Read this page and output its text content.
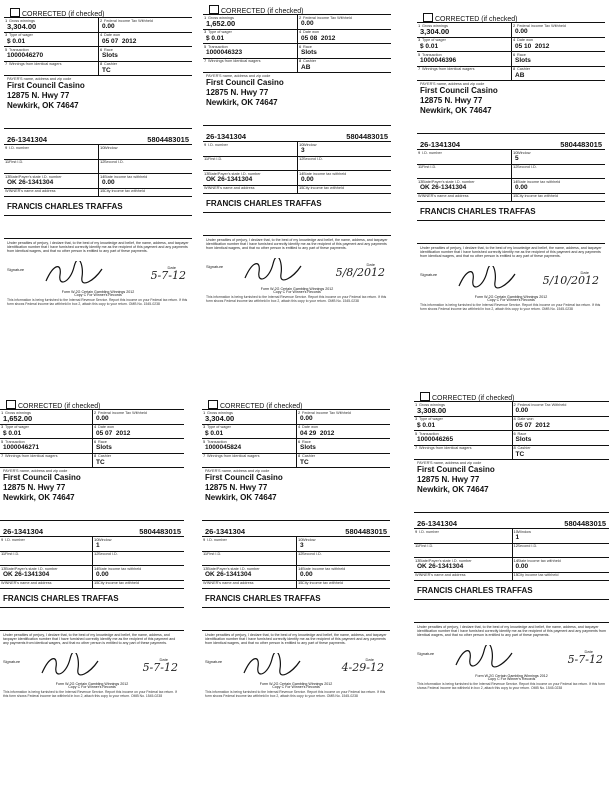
CORRECTED (if checked)
1 Gross winnings
3,304.00
2 Federal income Tax Withheld
0.00
3 Type of wager
$ 0.01
4 Date won
05 07 2012
5 Transaction
1000046270
6 Race
Slots
7 Winnings from identical wagers	8 Cashier
TC
PAYER'S name, address and zip code
First Council Casino
12875 N. Hwy 77
Newkirk, OK 74647
26-1341304	5804483015
9 I.D. number	10 Window
11 First I.D.	12 Second I.D.
13 State/Payer's state I.D. number
OK 26-1341304
14 State income tax withheld
0.00
WINNER's name and address	15 City income tax withheld
FRANCIS CHARLES TRAFFAS
Under penalties of perjury, I declare that, to the best of my knowledge and belief, the name, address, and taxpayer identification number that I have furnished correctly identify me as the recipient of this payment and any payments from identical wagers, and that no other person is entitled to any part of these payments.
Signature	Date
5-7-12
Form W-2G Certain Gambling Winnings 2012
Copy C For Winner's Records
This information is being furnished to the Internal Revenue Service. Report this income on your Federal tax return. If this form shows Federal income tax withheld in box 2, attach this copy to your return. OMB No. 1545-0238
CORRECTED (if checked)
1 Gross winnings
1,652.00
2 Federal income Tax Withheld
0.00
3 Type of wager
$ 0.01
4 Date won
05 08 2012
5 Transaction
1000046323
6 Race
Slots
7 Winnings from identical wagers	8 Cashier
AB
PAYER'S name, address and zip code
First Council Casino
12875 N. Hwy 77
Newkirk, OK 74647
26-1341304	5804483015
9 I.D. number	10 Window
3
11 First I.D.	12 Second I.D.
13 State/Payer's state I.D. number
OK 26-1341304
14 State income tax withheld
0.00
WINNER's name and address	15 City income tax withheld
FRANCIS CHARLES TRAFFAS
Under penalties of perjury, I declare that, to the best of my knowledge and belief, the name, address, and taxpayer identification number that I have furnished correctly identify me as the recipient of this payment and any payments from identical wagers, and that no other person is entitled to any part of these payments.
Signature	Date
5/8/2012
Form W-2G Certain Gambling Winnings 2012
Copy C For Winner's Records
This information is being furnished to the Internal Revenue Service. Report this income on your Federal tax return. If this form shows Federal income tax withheld in box 2, attach this copy to your return. OMB No. 1545-0238
CORRECTED (if checked)
1 Gross winnings
3,304.00
2 Federal income Tax Withheld
0.00
3 Type of wager
$ 0.01
4 Date won
05 10 2012
5 Transaction
1000046396
6 Race
Slots
7 Winnings from identical wagers	8 Cashier
AB
PAYER'S name, address and zip code
First Council Casino
12875 N. Hwy 77
Newkirk, OK 74647
26-1341304	5804483015
9 I.D. number	10 Window
5
11 First I.D.	12 Second I.D.
13 State/Payer's state I.D. number
OK 26-1341304
14 State income tax withheld
0.00
WINNER's name and address	15 City income tax withheld
FRANCIS CHARLES TRAFFAS
Under penalties of perjury, I declare that, to the best of my knowledge and belief, the name, address, and taxpayer identification number that I have furnished correctly identify me as the recipient of this payment and any payments from identical wagers, and that no other person is entitled to any part of these payments.
Signature	Date
5/10/2012
Form W-2G Certain Gambling Winnings 2012
Copy C For Winner's Records
This information is being furnished to the Internal Revenue Service. Report this income on your Federal tax return. If this form shows Federal income tax withheld in box 2, attach this copy to your return. OMB No. 1545-0238
CORRECTED (if checked)
1 Gross winnings
1,652.00
2 Federal income Tax Withheld
0.00
3 Type of wager
$ 0.01
4 Date won
05 07 2012
5 Transaction
1000046271
6 Race
Slots
7 Winnings from identical wagers	8 Cashier
TC
PAYER'S name, address and zip code
First Council Casino
12875 N. Hwy 77
Newkirk, OK 74647
26-1341304	5804483015
9 I.D. number	10 Window
1
11 First I.D.	12 Second I.D.
13 State/Payer's state I.D. number
OK 26-1341304
14 State income tax withheld
0.00
WINNER's name and address	15 City income tax withheld
FRANCIS CHARLES TRAFFAS
Under penalties of perjury, I declare that, to the best of my knowledge and belief, the name, address, and taxpayer identification number that I have furnished correctly identify me as the recipient of this payment and any payments from identical wagers, and that no other person is entitled to any part of these payments.
Signature	Date
5-7-12
Form W-2G Certain Gambling Winnings 2012
Copy C For Winner's Records
This information is being furnished to the Internal Revenue Service. Report this income on your Federal tax return. If this form shows Federal income tax withheld in box 2, attach this copy to your return. OMB No. 1545-0238
CORRECTED (if checked)
1 Gross winnings
3,304.00
2 Federal income Tax Withheld
0.00
3 Type of wager
$ 0.01
4 Date won
04 29 2012
5 Transaction
1000045824
6 Race
Slots
7 Winnings from identical wagers	8 Cashier
TC
PAYER'S name, address and zip code
First Council Casino
12875 N. Hwy 77
Newkirk, OK 74647
26-1341304	5804483015
9 I.D. number	10 Window
3
11 First I.D.	12 Second I.D.
13 State/Payer's state I.D. number
OK 26-1341304
14 State income tax withheld
0.00
WINNER's name and address	15 City income tax withheld
FRANCIS CHARLES TRAFFAS
Under penalties of perjury, I declare that, to the best of my knowledge and belief, the name, address, and taxpayer identification number that I have furnished correctly identify me as the recipient of this payment and any payments from identical wagers, and that no other person is entitled to any part of these payments.
Signature	Date
4-29-12
Form W-2G Certain Gambling Winnings 2012
Copy C For Winner's Records
This information is being furnished to the Internal Revenue Service. Report this income on your Federal tax return. If this form shows Federal income tax withheld in box 2, attach this copy to your return. OMB No. 1545-0238
CORRECTED (if checked)
1 Gross winnings
3,308.00
2 Federal income Tax Withheld
0.00
3 Type of wager
$ 0.01
4 Date won
05 07 2012
5 Transaction
1000046265
6 Race
Slots
7 Winnings from identical wagers	8 Cashier
TC
PAYER'S name, address and zip code
First Council Casino
12875 N. Hwy 77
Newkirk, OK 74647
26-1341304	5804483015
9 I.D. number	10 Window
1
11 First I.D.	12 Second I.D.
13 State/Payer's state I.D. number
OK 26-1341304
14 State income tax withheld
0.00
WINNER's name and address	15 City income tax withheld
FRANCIS CHARLES TRAFFAS
Under penalties of perjury, I declare that, to the best of my knowledge and belief, the name, address, and taxpayer identification number that I have furnished correctly identify me as the recipient of this payment and any payments from identical wagers, and that no other person is entitled to any part of these payments.
Signature	Date
5-7-12
Form W-2G Certain Gambling Winnings 2012
Copy C For Winner's Records
This information is being furnished to the Internal Revenue Service. Report this income on your Federal tax return. If this form shows Federal income tax withheld in box 2, attach this copy to your return. OMB No. 1545-0238
